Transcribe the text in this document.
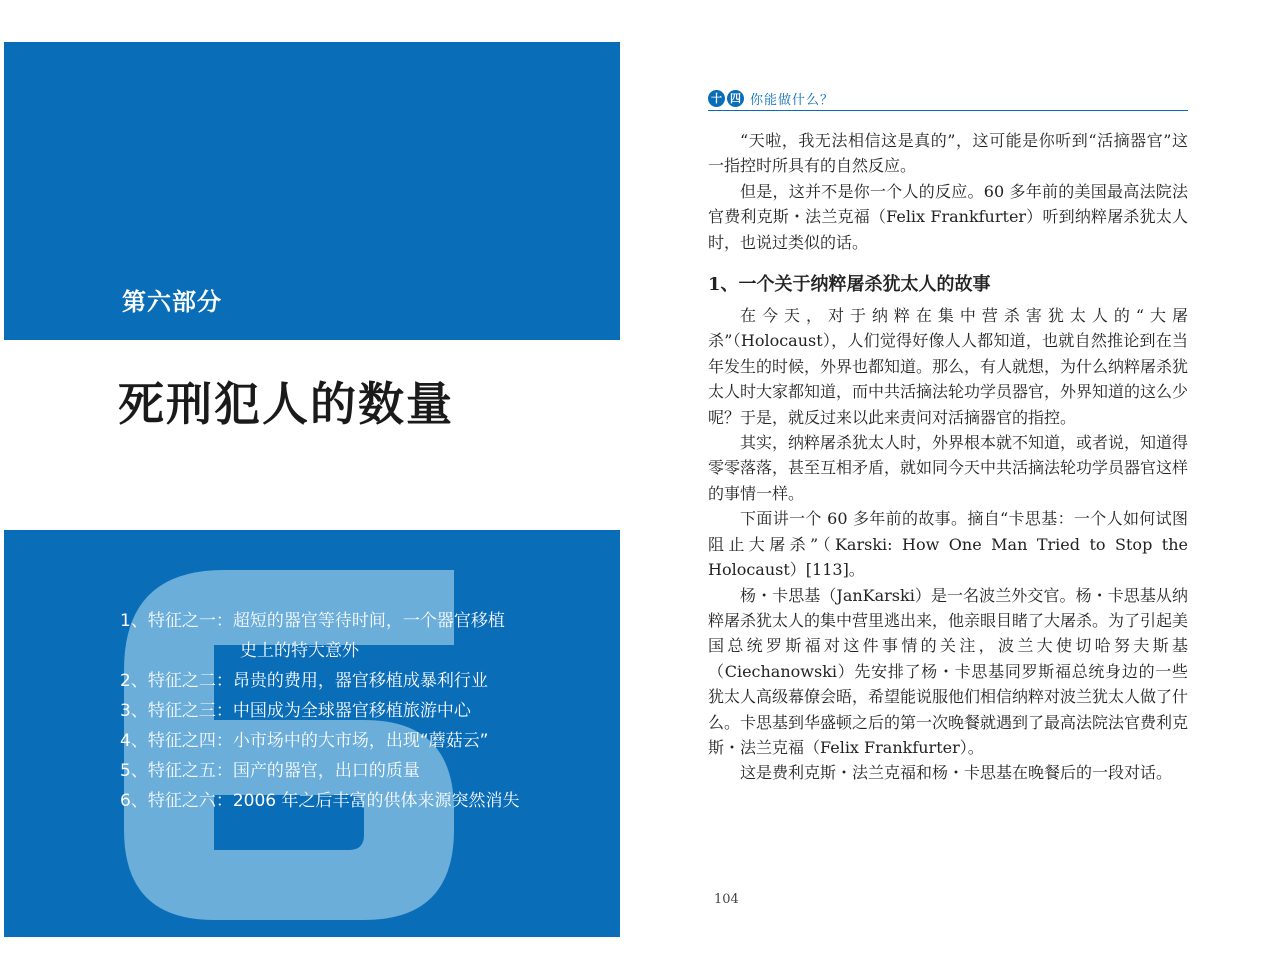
第六部分
死刑犯人的数量
1、特征之一：超短的器官等待时间，一个器官移植
史上的特大意外
2、特征之二：昂贵的费用，器官移植成暴利行业
3、特征之三：中国成为全球器官移植旅游中心
4、特征之四：小市场中的大市场，出现“蘑菇云”
5、特征之五：国产的器官，出口的质量
6、特征之六：2006 年之后丰富的供体来源突然消失
十 四 你能做什么？

“天啦，我无法相信这是真的”，这可能是你听到“活摘器官”这一指控时所具有的自然反应。

但是，这并不是你一个人的反应。60 多年前的美国最高法院法官费利克斯・法兰克福（Felix Frankfurter）听到纳粹屠杀犹太人时，也说过类似的话。

1、一个关于纳粹屠杀犹太人的故事

在今天，对于纳粹在集中营杀害犹太人的“大屠杀”（Holocaust），人们觉得好像人人都知道，也就自然推论到在当年发生的时候，外界也都知道。那么，有人就想，为什么纳粹屠杀犹太人时大家都知道，而中共活摘法轮功学员器官，外界知道的这么少呢？于是，就反过来以此来责问对活摘器官的指控。

其实，纳粹屠杀犹太人时，外界根本就不知道，或者说，知道得零零落落，甚至互相矛盾，就如同今天中共活摘法轮功学员器官这样的事情一样。

下面讲一个 60 多年前的故事。摘自“卡思基：一个人如何试图阻止大屠杀”（Karski: How One Man Tried to Stop the Holocaust）[113]。

杨・卡思基（JanKarski）是一名波兰外交官。杨・卡思基从纳粹屠杀犹太人的集中营里逃出来，他亲眼目睹了大屠杀。为了引起美国总统罗斯福对这件事情的关注，波兰大使切哈努夫斯基（Ciechanowski）先安排了杨・卡思基同罗斯福总统身边的一些犹太人高级幕僚会晤，希望能说服他们相信纳粹对波兰犹太人做了什么。卡思基到华盛顿之后的第一次晚餐就遇到了最高法院法官费利克斯・法兰克福（Felix Frankfurter）。

这是费利克斯・法兰克福和杨・卡思基在晚餐后的一段对话。

104
